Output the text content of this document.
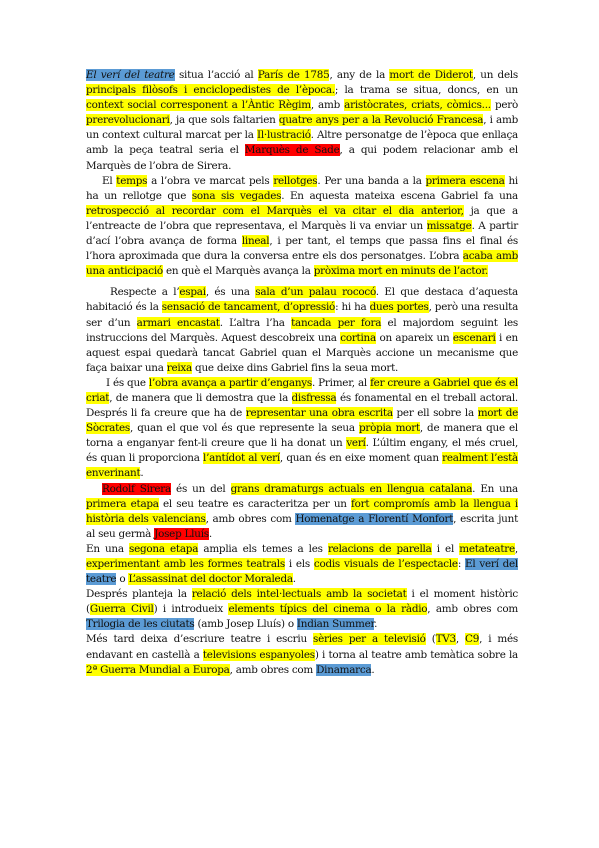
El verí del teatre situa l’acció al París de 1785, any de la mort de Diderot, un dels principals filòsofs i enciclopedistes de l’època.; la trama se situa, doncs, en un context social corresponent a l’Àntic Règim, amb aristòcrates, criats, còmics... però prerevolucionari, ja que sols faltarien quatre anys per a la Revolució Francesa, i amb un context cultural marcat per la Il·lustració. Altre personatge de l’època que enllaça amb la peça teatral seria el Marquès de Sade, a qui podem relacionar amb el Marquès de l’obra de Sirera.

El temps a l’obra ve marcat pels rellotges. Per una banda a la primera escena hi ha un rellotge que sona sis vegades. En aquesta mateixa escena Gabriel fa una retrospecció al recordar com el Marquès el va citar el dia anterior, ja que a l’entreacte de l’obra que representava, el Marquès li va enviar un missatge. A partir d’ací l’obra avança de forma lineal, i per tant, el temps que passa fins el final és l’hora aproximada que dura la conversa entre els dos personatges. L’obra acaba amb una anticipació en què el Marquès avança la pròxima mort en minuts de l’actor.

Respecte a l’espai, és una sala d’un palau rococó. El que destaca d’aquesta habitació és la sensació de tancament, d’opressió: hi ha dues portes, però una resulta ser d’un armari encastat. L’altra l’ha tancada per fora el majordom seguint les instruccions del Marquès. Aquest descobreix una cortina on apareix un escenari i en aquest espai quedarà tancat Gabriel quan el Marquès accione un mecanisme que faça baixar una reixa que deixe dins Gabriel fins la seua mort.

I és que l’obra avança a partir d’enganys. Primer, al fer creure a Gabriel que és el criat, de manera que li demostra que la disfressa és fonamental en el treball actoral. Després li fa creure que ha de representar una obra escrita per ell sobre la mort de Sòcrates, quan el que vol és que represente la seua pròpia mort, de manera que el torna a enganyar fent-li creure que li ha donat un verí. L’últim engany, el més cruel, és quan li proporciona l’antídot al verí, quan és en eixe moment quan realment l’està enverinant.

Rodolf Sirera és un del grans dramaturgs actuals en llengua catalana. En una primera etapa el seu teatre es caracteritza per un fort compromís amb la llengua i història dels valencians, amb obres com Homenatge a Florentí Monfort, escrita junt al seu germà Josep Lluís.

En una segona etapa amplia els temes a les relacions de parella i el metateatre, experimentant amb les formes teatrals i els codis visuals de l’espectacle: El verí del teatre o L’assassinat del doctor Moraleda.

Després planteja la relació dels intel·lectuals amb la societat i el moment històric (Guerra Civil) i introdueix elements típics del cinema o la ràdio, amb obres com Trilogia de les ciutats (amb Josep Lluís) o Indian Summer.

Més tard deixa d’escriure teatre i escriu sèries per a televisió (TV3, C9, i més endavant en castellà a televisions espanyoles) i torna al teatre amb temàtica sobre la 2ª Guerra Mundial a Europa, amb obres com Dinamarca.
